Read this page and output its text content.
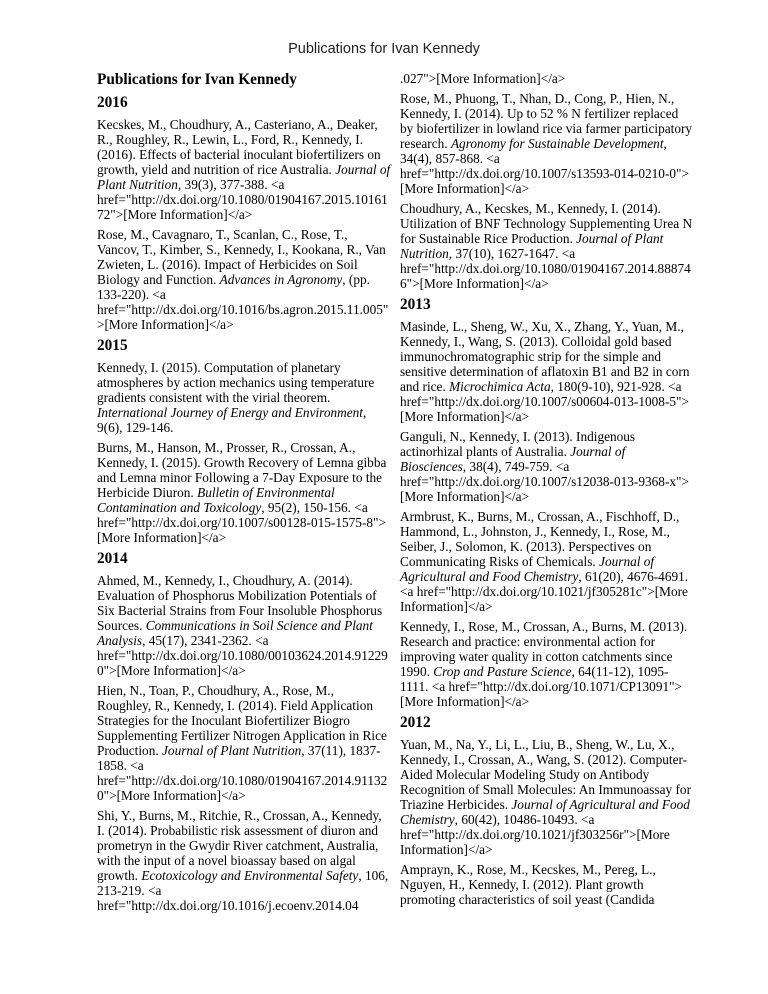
Publications for Ivan Kennedy
Publications for Ivan Kennedy
2016

Kecskes, M., Choudhury, A., Casteriano, A., Deaker, R., Roughley, R., Lewin, L., Ford, R., Kennedy, I. (2016). Effects of bacterial inoculant biofertilizers on growth, yield and nutrition of rice Australia. Journal of Plant Nutrition, 39(3), 377-388. <a href="http://dx.doi.org/10.1080/01904167.2015.1016172">[More Information]</a>

Rose, M., Cavagnaro, T., Scanlan, C., Rose, T., Vancov, T., Kimber, S., Kennedy, I., Kookana, R., Van Zwieten, L. (2016). Impact of Herbicides on Soil Biology and Function. Advances in Agronomy, (pp. 133-220). <a href="http://dx.doi.org/10.1016/bs.agron.2015.11.005">[More Information]</a>

2015

Kennedy, I. (2015). Computation of planetary atmospheres by action mechanics using temperature gradients consistent with the virial theorem. International Journey of Energy and Environment, 9(6), 129-146.

Burns, M., Hanson, M., Prosser, R., Crossan, A., Kennedy, I. (2015). Growth Recovery of Lemna gibba and Lemna minor Following a 7-Day Exposure to the Herbicide Diuron. Bulletin of Environmental Contamination and Toxicology, 95(2), 150-156. <a href="http://dx.doi.org/10.1007/s00128-015-1575-8">[More Information]</a>

2014

Ahmed, M., Kennedy, I., Choudhury, A. (2014). Evaluation of Phosphorus Mobilization Potentials of Six Bacterial Strains from Four Insoluble Phosphorus Sources. Communications in Soil Science and Plant Analysis, 45(17), 2341-2362. <a href="http://dx.doi.org/10.1080/00103624.2014.912290">[More Information]</a>

Hien, N., Toan, P., Choudhury, A., Rose, M., Roughley, R., Kennedy, I. (2014). Field Application Strategies for the Inoculant Biofertilizer Biogro Supplementing Fertilizer Nitrogen Application in Rice Production. Journal of Plant Nutrition, 37(11), 1837-1858. <a href="http://dx.doi.org/10.1080/01904167.2014.911320">[More Information]</a>

Shi, Y., Burns, M., Ritchie, R., Crossan, A., Kennedy, I. (2014). Probabilistic risk assessment of diuron and prometryn in the Gwydir River catchment, Australia, with the input of a novel bioassay based on algal growth. Ecotoxicology and Environmental Safety, 106, 213-219. <a href="http://dx.doi.org/10.1016/j.ecoenv.2014.04

.027">[More Information]</a>

Rose, M., Phuong, T., Nhan, D., Cong, P., Hien, N., Kennedy, I. (2014). Up to 52 % N fertilizer replaced by biofertilizer in lowland rice via farmer participatory research. Agronomy for Sustainable Development, 34(4), 857-868. <a href="http://dx.doi.org/10.1007/s13593-014-0210-0">[More Information]</a>

Choudhury, A., Kecskes, M., Kennedy, I. (2014). Utilization of BNF Technology Supplementing Urea N for Sustainable Rice Production. Journal of Plant Nutrition, 37(10), 1627-1647. <a href="http://dx.doi.org/10.1080/01904167.2014.888746">[More Information]</a>

2013

Masinde, L., Sheng, W., Xu, X., Zhang, Y., Yuan, M., Kennedy, I., Wang, S. (2013). Colloidal gold based immunochromatographic strip for the simple and sensitive determination of aflatoxin B1 and B2 in corn and rice. Microchimica Acta, 180(9-10), 921-928. <a href="http://dx.doi.org/10.1007/s00604-013-1008-5">[More Information]</a>

Ganguli, N., Kennedy, I. (2013). Indigenous actinorhizal plants of Australia. Journal of Biosciences, 38(4), 749-759. <a href="http://dx.doi.org/10.1007/s12038-013-9368-x">[More Information]</a>

Armbrust, K., Burns, M., Crossan, A., Fischhoff, D., Hammond, L., Johnston, J., Kennedy, I., Rose, M., Seiber, J., Solomon, K. (2013). Perspectives on Communicating Risks of Chemicals. Journal of Agricultural and Food Chemistry, 61(20), 4676-4691. <a href="http://dx.doi.org/10.1021/jf305281c">[More Information]</a>

Kennedy, I., Rose, M., Crossan, A., Burns, M. (2013). Research and practice: environmental action for improving water quality in cotton catchments since 1990. Crop and Pasture Science, 64(11-12), 1095-1111. <a href="http://dx.doi.org/10.1071/CP13091">[More Information]</a>

2012

Yuan, M., Na, Y., Li, L., Liu, B., Sheng, W., Lu, X., Kennedy, I., Crossan, A., Wang, S. (2012). Computer-Aided Molecular Modeling Study on Antibody Recognition of Small Molecules: An Immunoassay for Triazine Herbicides. Journal of Agricultural and Food Chemistry, 60(42), 10486-10493. <a href="http://dx.doi.org/10.1021/jf303256r">[More Information]</a>

Amprayn, K., Rose, M., Kecskes, M., Pereg, L., Nguyen, H., Kennedy, I. (2012). Plant growth promoting characteristics of soil yeast (Candida
